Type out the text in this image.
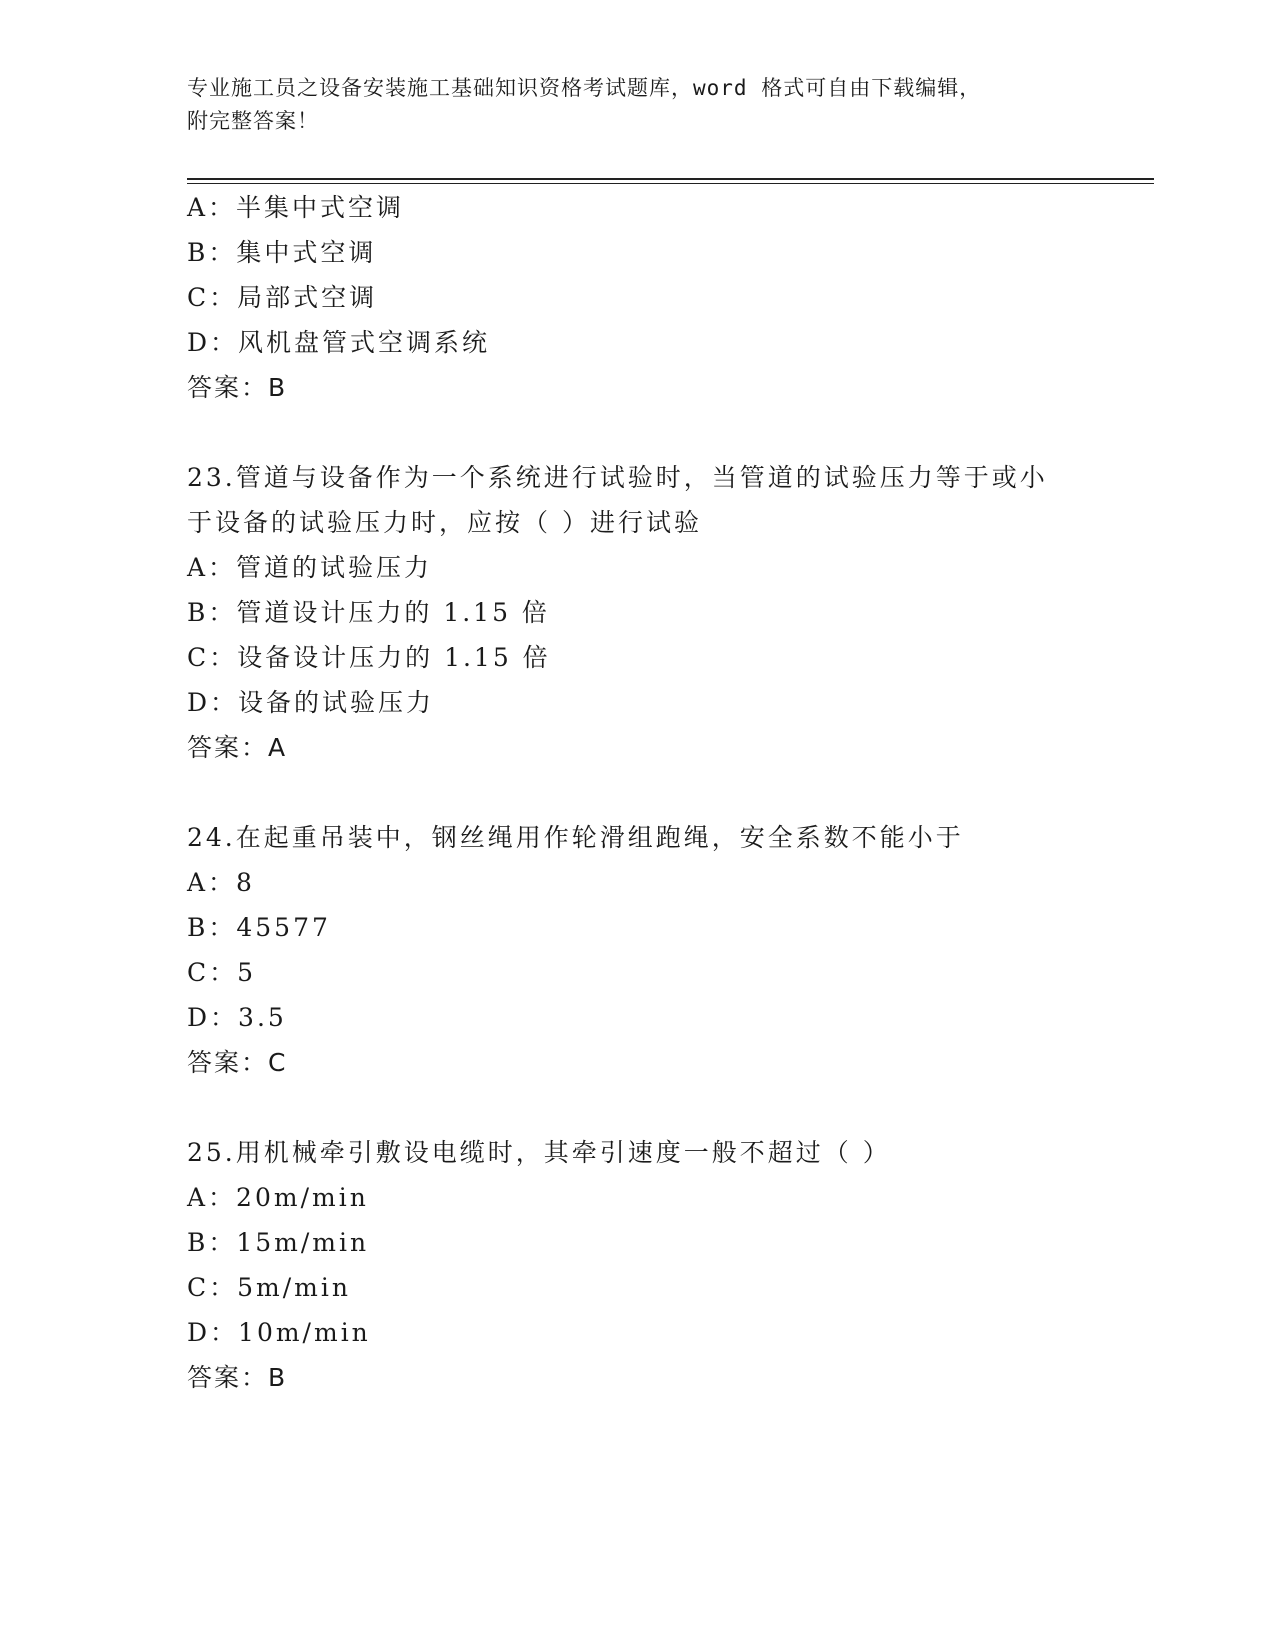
专业施工员之设备安装施工基础知识资格考试题库，word 格式可自由下载编辑，
附完整答案！
A：半集中式空调
B：集中式空调
C：局部式空调
D：风机盘管式空调系统
答案：B
23.管道与设备作为一个系统进行试验时，当管道的试验压力等于或小
于设备的试验压力时，应按（ ）进行试验
A：管道的试验压力
B：管道设计压力的 1.15 倍
C：设备设计压力的 1.15 倍
D：设备的试验压力
答案：A
24.在起重吊装中，钢丝绳用作轮滑组跑绳，安全系数不能小于
A：8
B：45577
C：5
D：3.5
答案：C
25.用机械牵引敷设电缆时，其牵引速度一般不超过（ ）
A：20m/min
B：15m/min
C：5m/min
D：10m/min
答案：B
